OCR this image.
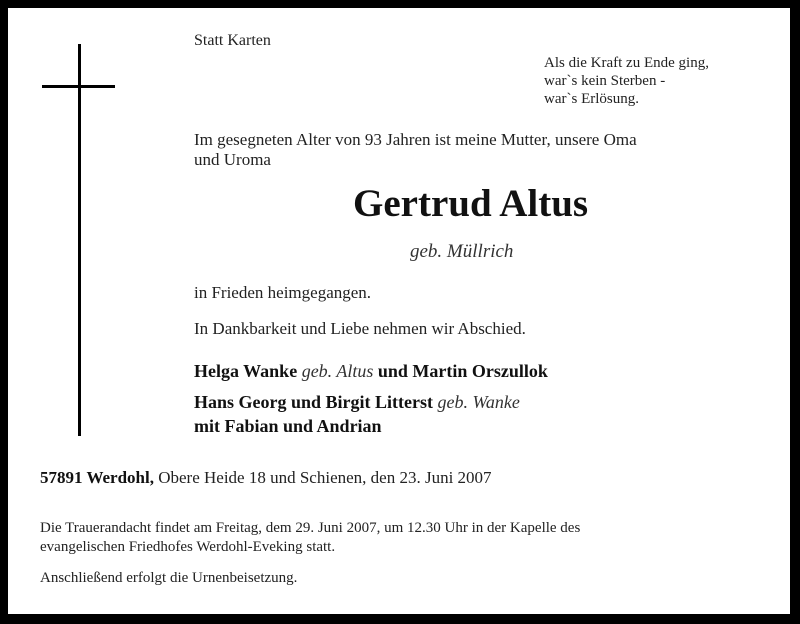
Statt Karten
Als die Kraft zu Ende ging,
war`s kein Sterben -
war`s Erlösung.
Im gesegneten Alter von 93 Jahren ist meine Mutter, unsere Oma
und Uroma
Gertrud Altus
geb. Müllrich
in Frieden heimgegangen.
In Dankbarkeit und Liebe nehmen wir Abschied.
Helga Wanke geb. Altus und Martin Orszullok
Hans Georg und Birgit Litterst geb. Wanke
mit Fabian und Andrian
57891 Werdohl, Obere Heide 18 und Schienen, den 23. Juni 2007
Die Trauerandacht findet am Freitag, dem 29. Juni 2007, um 12.30 Uhr in der Kapelle des
evangelischen Friedhofes Werdohl-Eveking statt.
Anschließend erfolgt die Urnenbeisetzung.
